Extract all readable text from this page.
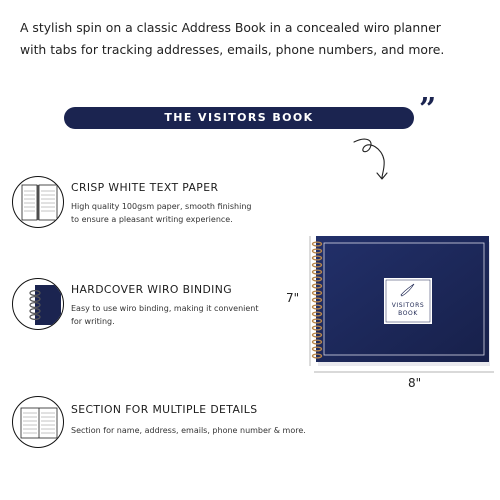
A stylish spin on a classic Address Book in a concealed wiro planner
with tabs for tracking addresses, emails, phone numbers, and more.
THE VISITORS BOOK	”
CRISP WHITE TEXT PAPER
High quality 100gsm paper, smooth finishing
to ensure a pleasant writing experience.
HARDCOVER WIRO BINDING
Easy to use wiro binding, making it convenient
for writing.
SECTION FOR MULTIPLE DETAILS
Section for name, address, emails, phone number & more.
VISITORS
BOOK
7"
8"
